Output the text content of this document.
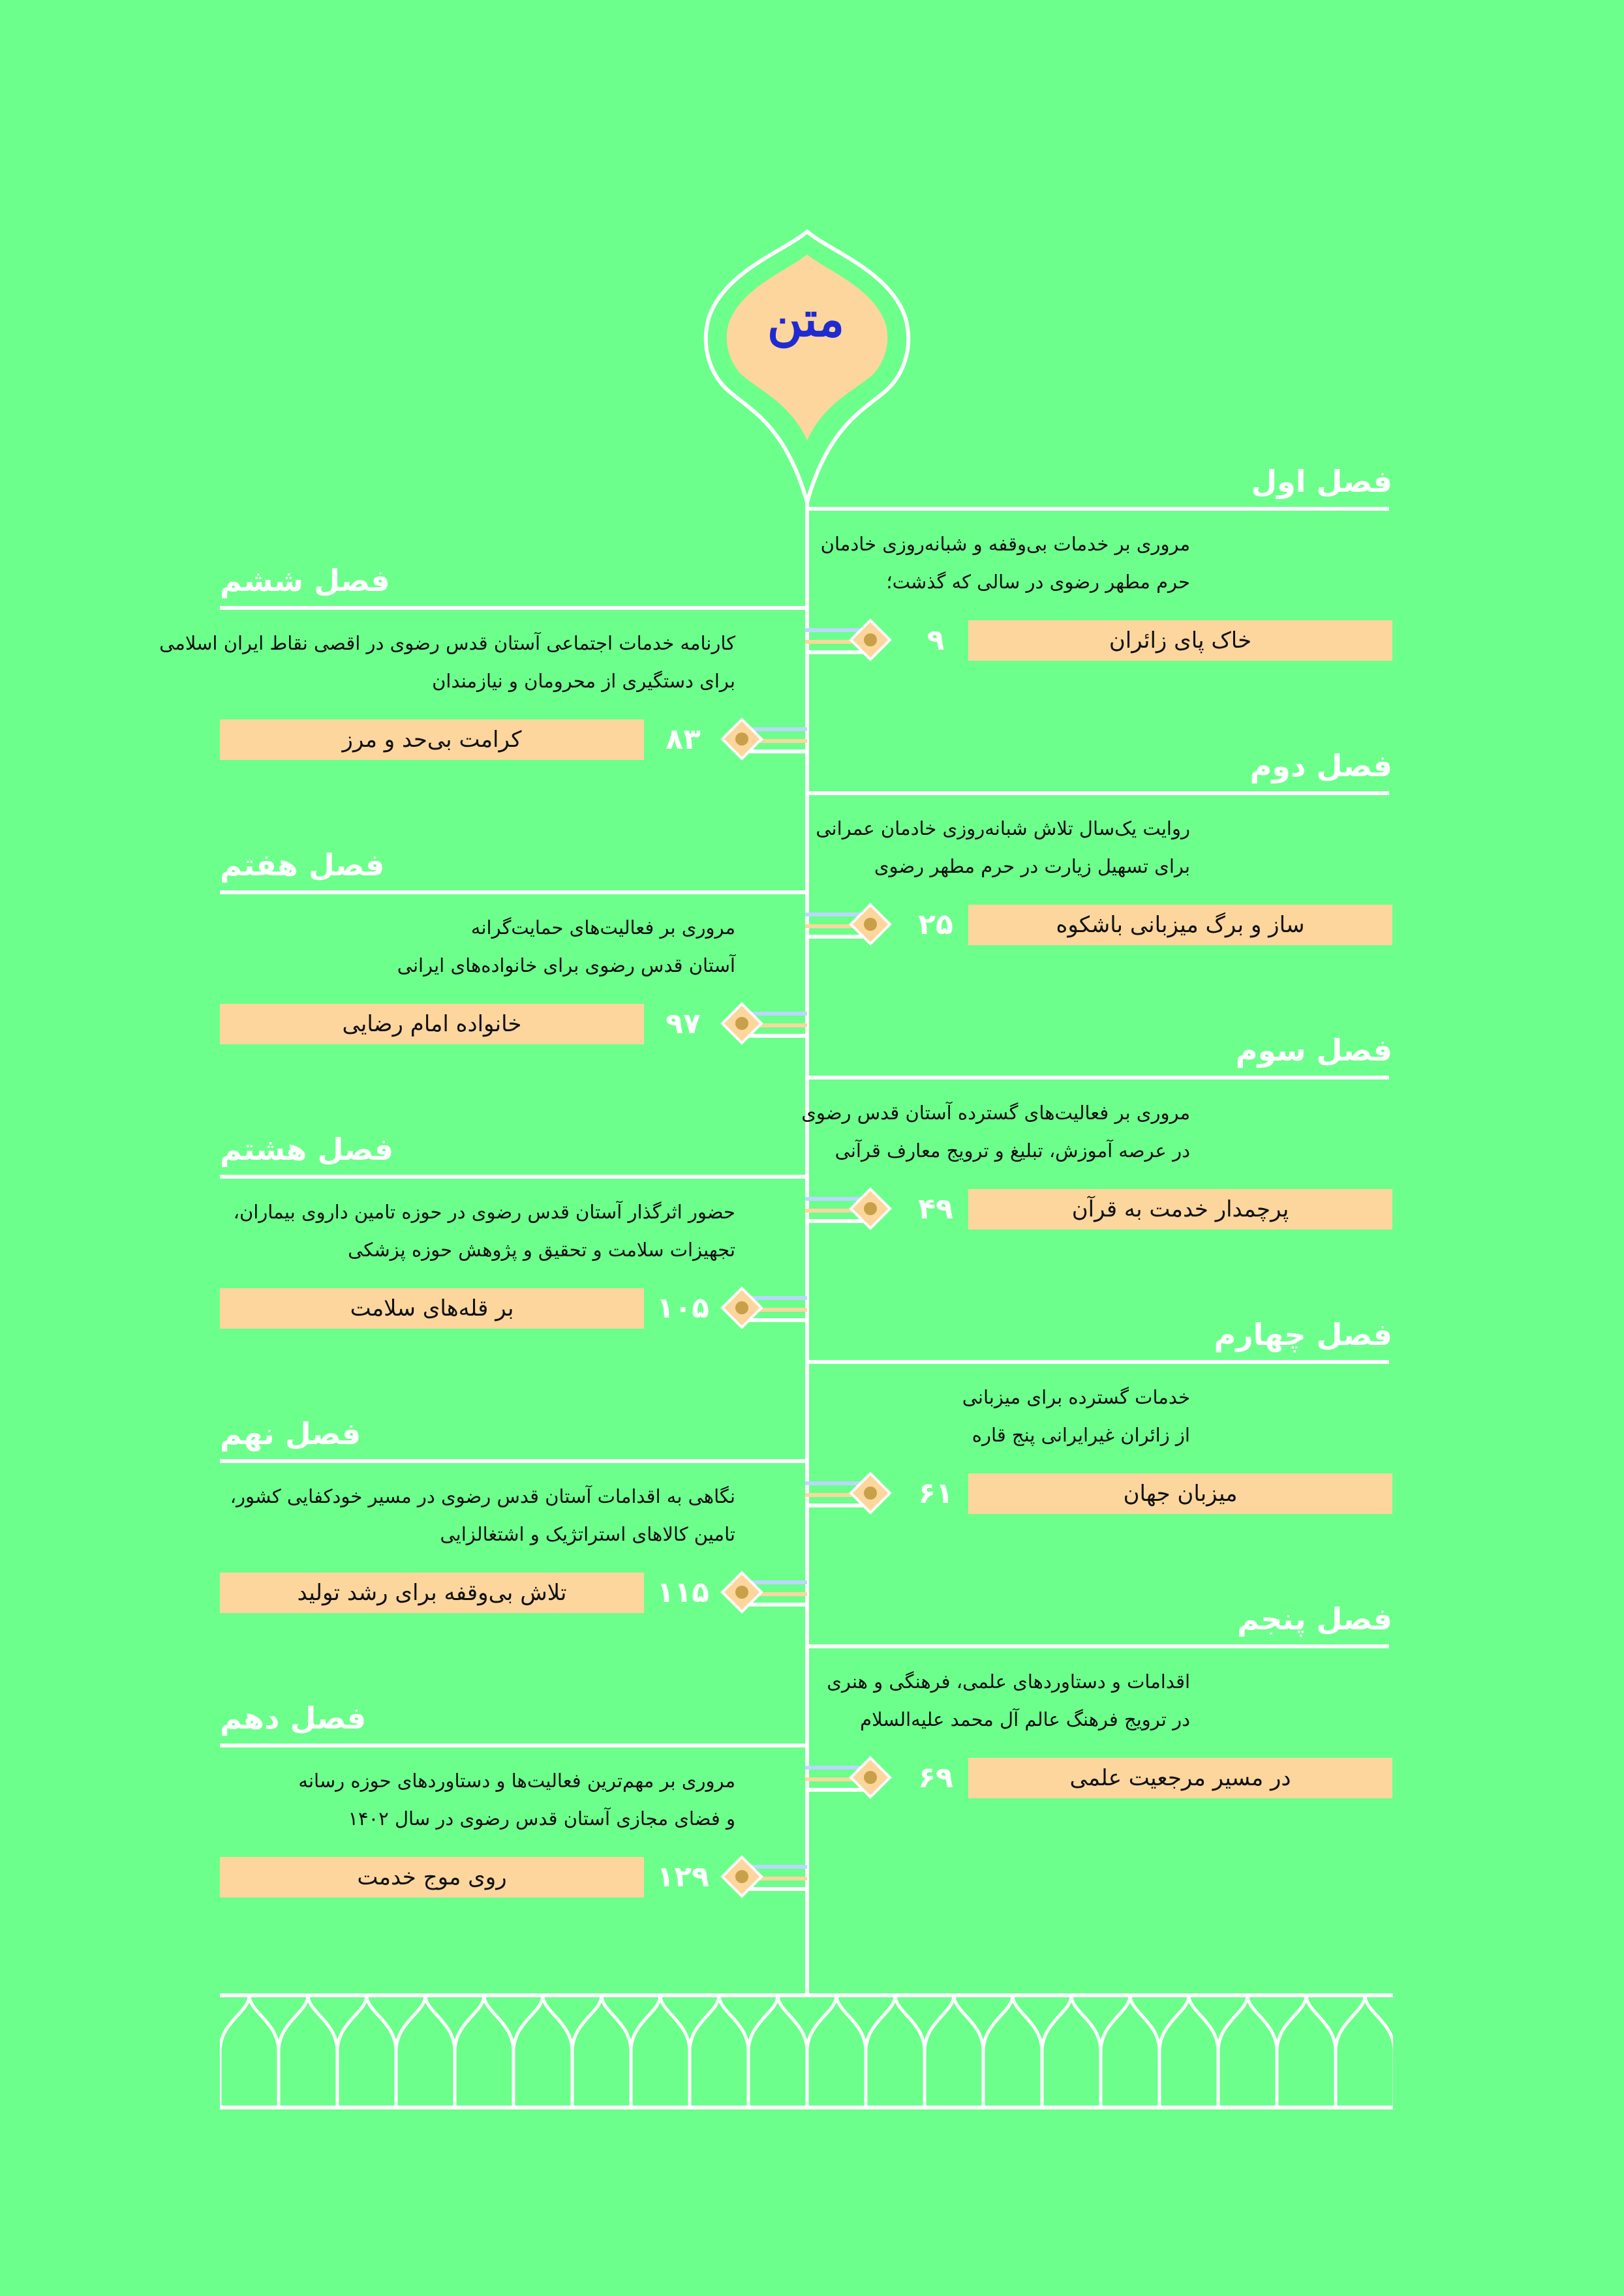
متن
فصل اول
مروری بر خدمات بی‌وقفه و شبانه‌روزی خادمان
حرم مطهر رضوی در سالی که گذشت؛
۹	خاک پای زائران
فصل دوم
روایت یک‌سال تلاش شبانه‌روزی خادمان عمرانی
برای تسهیل زیارت در حرم مطهر رضوی
۲۵	ساز و برگ میزبانی باشکوه
فصل سوم
مروری بر فعالیت‌های گسترده آستان قدس رضوی
در عرصه آموزش، تبلیغ و ترویج معارف قرآنی
۴۹	پرچمدار خدمت به قرآن
فصل چهارم
خدمات گسترده برای میزبانی
از زائران غیرایرانی پنج قاره
۶۱	میزبان جهان
فصل پنجم
اقدامات و دستاوردهای علمی، فرهنگی و هنری
در ترویج فرهنگ عالم آل محمد علیه‌السلام
۶۹	در مسیر مرجعیت علمی
فصل ششم
کارنامه خدمات اجتماعی آستان قدس رضوی در اقصی نقاط ایران اسلامی
برای دستگیری از محرومان و نیازمندان
کرامت بی‌حد و مرز	۸۳
فصل هفتم
مروری بر فعالیت‌های حمایت‌گرانه
آستان قدس رضوی برای خانواده‌های ایرانی
خانواده امام رضایی	۹۷
فصل هشتم
حضور اثرگذار آستان قدس رضوی در حوزه تامین داروی بیماران،
تجهیزات سلامت و تحقیق و پژوهش حوزه پزشکی
بر قله‌های سلامت	۱۰۵
فصل نهم
نگاهی به اقدامات آستان قدس رضوی در مسیر خودکفایی کشور،
تامین کالاهای استراتژیک و اشتغالزایی
تلاش بی‌وقفه برای رشد تولید	۱۱۵
فصل دهم
مروری بر مهم‌ترین فعالیت‌ها و دستاوردهای حوزه رسانه
و فضای مجازی آستان قدس رضوی در سال ۱۴۰۲
روی موج خدمت	۱۲۹
